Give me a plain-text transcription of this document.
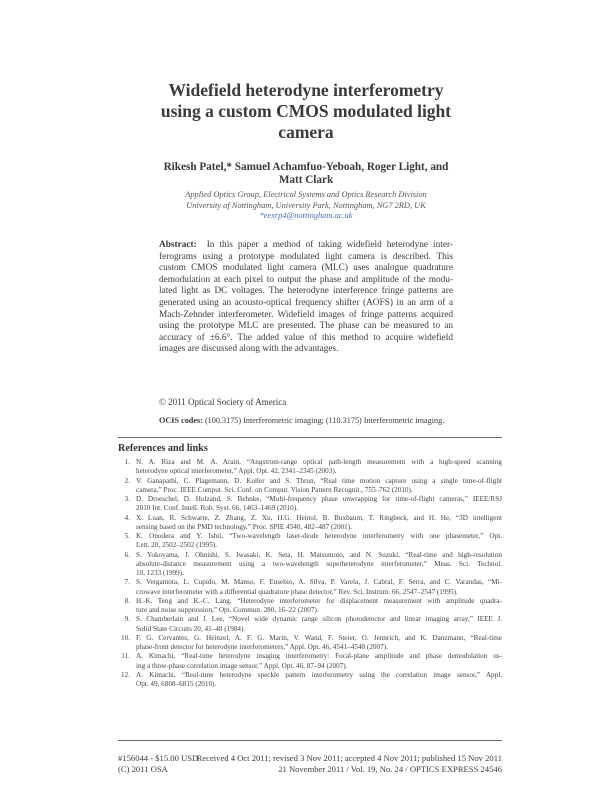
Widefield heterodyne interferometry
using a custom CMOS modulated light
camera
Rikesh Patel,* Samuel Achamfuo-Yeboah, Roger Light, and
Matt Clark
Applied Optics Group, Electrical Systems and Optics Research Division
University of Nottingham, University Park, Nottingham, NG7 2RD, UK
*eexrp4@nottingham.ac.uk
Abstract: In this paper a method of taking widefield heterodyne inter-
ferograms using a prototype modulated light camera is described. This
custom CMOS modulated light camera (MLC) uses analogue quadrature
demodulation at each pixel to output the phase and amplitude of the modu-
lated light as DC voltages. The heterodyne interference fringe patterns are
generated using an acousto-optical frequency shifter (AOFS) in an arm of a
Mach-Zehnder interferometer. Widefield images of fringe patterns acquired
using the prototype MLC are presented. The phase can be measured to an
accuracy of ±6.6°. The added value of this method to acquire widefield
images are discussed along with the advantages.
© 2011 Optical Society of America
OCIS codes: (100.3175) Interferometric imaging; (110.3175) Interferometric imaging.
References and links
1. N. A. Riza and M. A. Arain, “Angstrom-range optical path-length measurement with a high-speed scanning
heterodyne optical interferometer,” Appl. Opt. 42, 2341–2345 (2003).
2. V. Ganapathi, C. Plagemann, D. Koller and S. Thrun, “Real time motion capture using a single time-of-flight
camera,” Proc. IEEE Comput. Sci. Conf. on Comput. Vision Pattern Recognit., 755–762 (2010).
3. D. Droeschel, D. Holzand, S. Behnke, “Multi-frequency phase unwrapping for time-of-flight cameras,” IEEE/RSJ
2010 Int. Conf. Intell. Rob. Syst. 66, 1463–1469 (2010).
4. X. Luan, R. Schwarte, Z. Zhang, Z. Xu, H.G. Heinol, B. Buxbaum, T. Ringbeck, and H. He, “3D intelligent
sensing based on the PMD technology,” Proc. SPIE 4540, 482–487 (2001).
5. K. Onodera and Y. Ishii, “Two-wavelength laser-diode heterodyne interferometry with one phasemeter,” Opt.
Lett. 20, 2502–2502 (1995).
6. S. Yokoyama, J. Ohnishi, S. Iwasaki, K. Seta, H. Matsumoto, and N. Suzuki, “Real-time and high-resolution
absolute-distance measurement using a two-wavelength superheterodyne interferometer,” Meas. Sci. Technol.
10, 1233 (1999).
7. S. Vergamota, L. Cupido, M. Manso, F. Eusebio, A. Silva, P. Varela, J. Cabral, F. Serra, and C. Varandas, “Mi-
crowave interferometer with a differential quadrature phase detector,” Rev. Sci. Instrum. 66, 2547–2547 (1995).
8. H.-K. Teng and K.-C. Lang, “Heterodyne interferometer for displacement measurement with amplitude quadra-
ture and noise suppression,” Opt. Commun. 280, 16–22 (2007).
9. S. Chamberlain and J. Lee, “Novel wide dynamic range silicon photodetector and linear imaging array,” IEEE J.
Solid State Circuits 20, 41–48 (1984).
10. F. G. Cervantes, G. Heinzel, A. F. G. Marin, V. Wand, F. Steier, O. Jennrich, and K. Danzmann, “Real-time
phase-front detector for heterodyne interferometers,” Appl. Opt. 46, 4541–4548 (2007).
11. A. Kimachi, “Real-time heterodyne imaging interferometry: Focal-plane amplitude and phase demodulation us-
ing a three-phase correlation image sensor,” Appl. Opt. 46, 87–94 (2007).
12. A. Kimachi, “Real-time heterodyne speckle pattern interferometry using the correlation image sensor,” Appl.
Opt. 49, 6808–6815 (2010).
#156044 - $15.00 USD
Received 4 Oct 2011; revised 3 Nov 2011; accepted 4 Nov 2011; published 15 Nov 2011
(C) 2011 OSA	21 November 2011 / Vol. 19, No. 24 / OPTICS EXPRESS 24546
